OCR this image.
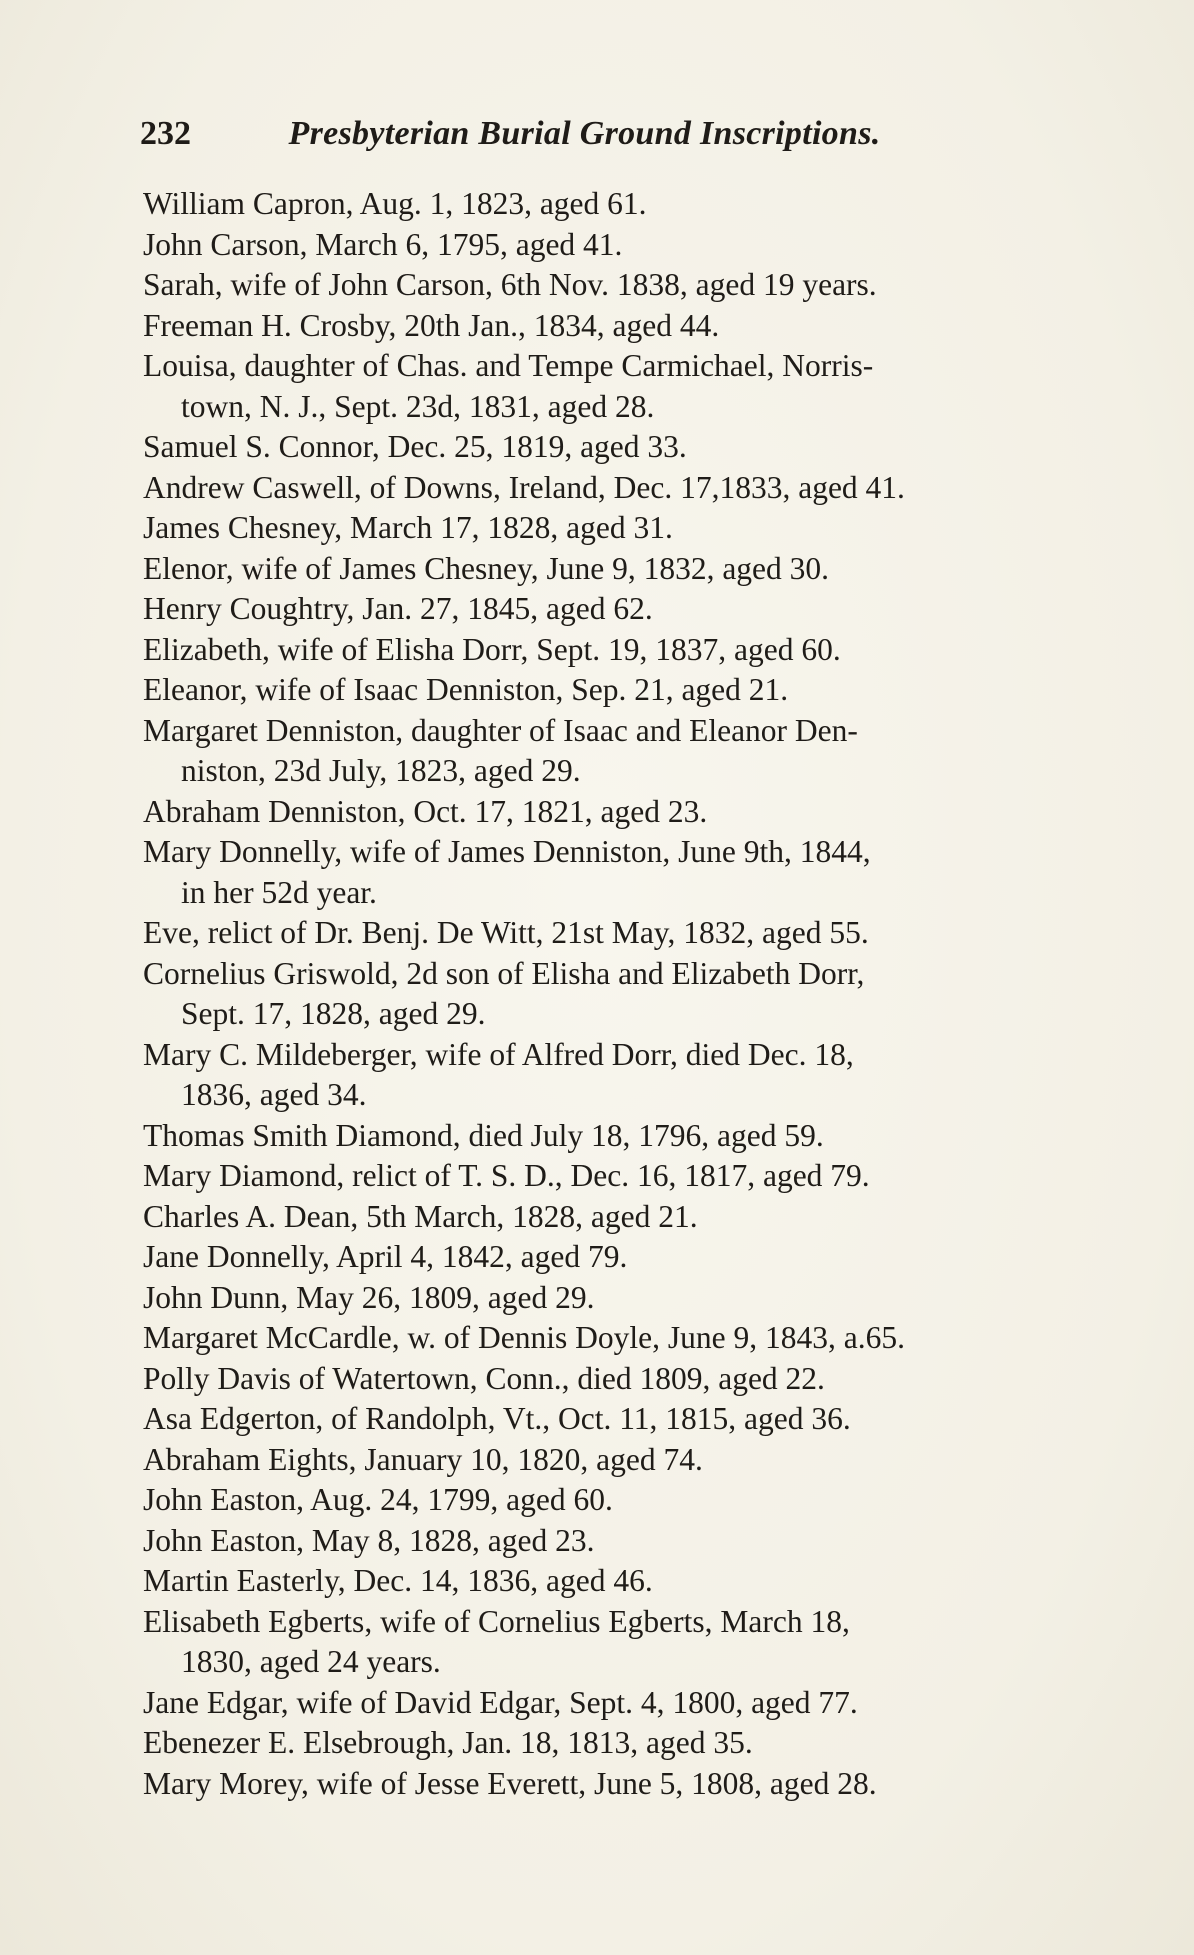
232	Presbyterian Burial Ground Inscriptions.

William Capron, Aug. 1, 1823, aged 61.

John Carson, March 6, 1795, aged 41.

Sarah, wife of John Carson, 6th Nov. 1838, aged 19 years.

Freeman H. Crosby, 20th Jan., 1834, aged 44.

Louisa, daughter of Chas. and Tempe Carmichael, Norris-
town, N. J., Sept. 23d, 1831, aged 28.

Samuel S. Connor, Dec. 25, 1819, aged 33.

Andrew Caswell, of Downs, Ireland, Dec. 17,1833, aged 41.

James Chesney, March 17, 1828, aged 31.

Elenor, wife of James Chesney, June 9, 1832, aged 30.

Henry Coughtry, Jan. 27, 1845, aged 62.

Elizabeth, wife of Elisha Dorr, Sept. 19, 1837, aged 60.

Eleanor, wife of Isaac Denniston, Sep. 21, aged 21.

Margaret Denniston, daughter of Isaac and Eleanor Den-
niston, 23d July, 1823, aged 29.

Abraham Denniston, Oct. 17, 1821, aged 23.

Mary Donnelly, wife of James Denniston, June 9th, 1844,
in her 52d year.

Eve, relict of Dr. Benj. De Witt, 21st May, 1832, aged 55.

Cornelius Griswold, 2d son of Elisha and Elizabeth Dorr,
Sept. 17, 1828, aged 29.

Mary C. Mildeberger, wife of Alfred Dorr, died Dec. 18,
1836, aged 34.

Thomas Smith Diamond, died July 18, 1796, aged 59.

Mary Diamond, relict of T. S. D., Dec. 16, 1817, aged 79.

Charles A. Dean, 5th March, 1828, aged 21.

Jane Donnelly, April 4, 1842, aged 79.

John Dunn, May 26, 1809, aged 29.

Margaret McCardle, w. of Dennis Doyle, June 9, 1843, a.65.

Polly Davis of Watertown, Conn., died 1809, aged 22.

Asa Edgerton, of Randolph, Vt., Oct. 11, 1815, aged 36.

Abraham Eights, January 10, 1820, aged 74.

John Easton, Aug. 24, 1799, aged 60.

John Easton, May 8, 1828, aged 23.

Martin Easterly, Dec. 14, 1836, aged 46.

Elisabeth Egberts, wife of Cornelius Egberts, March 18,
1830, aged 24 years.

Jane Edgar, wife of David Edgar, Sept. 4, 1800, aged 77.

Ebenezer E. Elsebrough, Jan. 18, 1813, aged 35.

Mary Morey, wife of Jesse Everett, June 5, 1808, aged 28.
